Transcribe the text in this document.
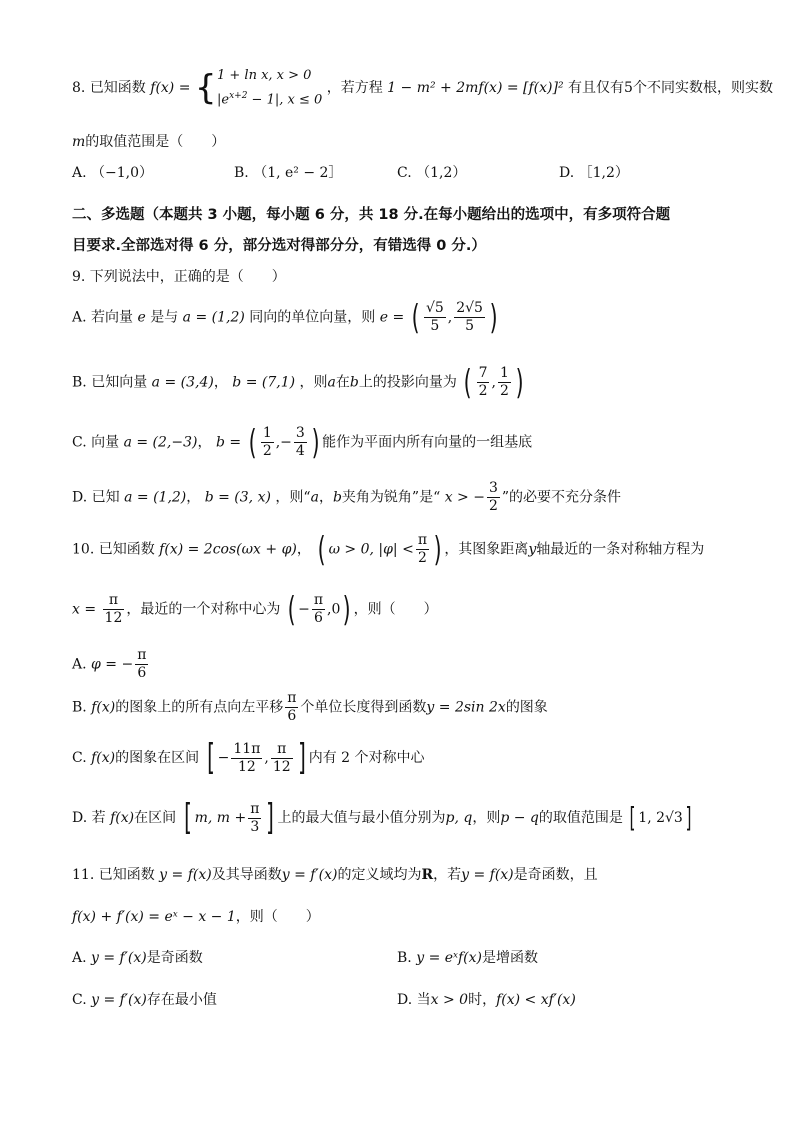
8. 已知函数 f(x) = { 1 + ln x, x > 0
$|e^{x+2} - 1|$, x ≤ 0 ，若方程 1 − m² + 2mf(x) = [f(x)]² 有且仅有5个不同实数根，则实数
m的取值范围是（　　）
A. （−1,0）	B. （1, e² − 2］	C. （1,2）	D. ［1,2）
二、多选题（本题共 3 小题，每小题 6 分，共 18 分.在每小题给出的选项中，有多项符合题
目要求.全部选对得 6 分，部分选对得部分分，有错选得 0 分.）
9. 下列说法中，正确的是（　　）
A. 若向量 e 是与 a = (1,2) 同向的单位向量，则 e = ( $\frac{√5}{5}$ , $\frac{2√5}{5}$ )
B. 已知向量 a = (3,4)， b = (7,1) ，则a在b上的投影向量为 ( $\frac{7}{2}$ , $\frac{1}{2}$ )
C. 向量 a = (2,−3)， b = ( $\frac{1}{2}$ ,− $\frac{3}{4}$ ) 能作为平面内所有向量的一组基底
D. 已知 a = (1,2)， b = (3, x) ，则“a，b夹角为锐角”是“ x > − $\frac{3}{2}$ ”的必要不充分条件
10. 已知函数 f(x) = 2cos(ωx + φ)， ( ω > 0, $|\varphi| < \frac{\pi}{2}$ ) ，其图象距离y轴最近的一条对称轴方程为
$x = \frac{\pi}{12}$ ，最近的一个对称中心为 ( − $\frac{\pi}{6} ,0$) ，则（　　）
A. φ = − $\frac{\pi}{6}$
B. f(x)的图象上的所有点向左平移 $\frac{\pi}{6}$ 个单位长度得到函数y = 2sin 2x的图象
C. f(x)的图象在区间 [ − $\frac{11\pi}{12}$ , $\frac{\pi}{12}$ ] 内有 2 个对称中心
D. 若 f(x)在区间 [ m, $m + \frac{\pi}{3}$ ] 上的最大值与最小值分别为p, q，则p − q的取值范围是 [ 1, 2√3]
11. 已知函数 y = f(x)及其导函数y = f′(x)的定义域均为R，若y = f(x)是奇函数，且
f(x) + f′(x) = eˣ − x − 1，则（　　）
A. y = f′(x)是奇函数	B. y = eˣf(x)是增函数
C. y = f′(x)存在最小值	D. 当x > 0时，f(x) < xf′(x)
